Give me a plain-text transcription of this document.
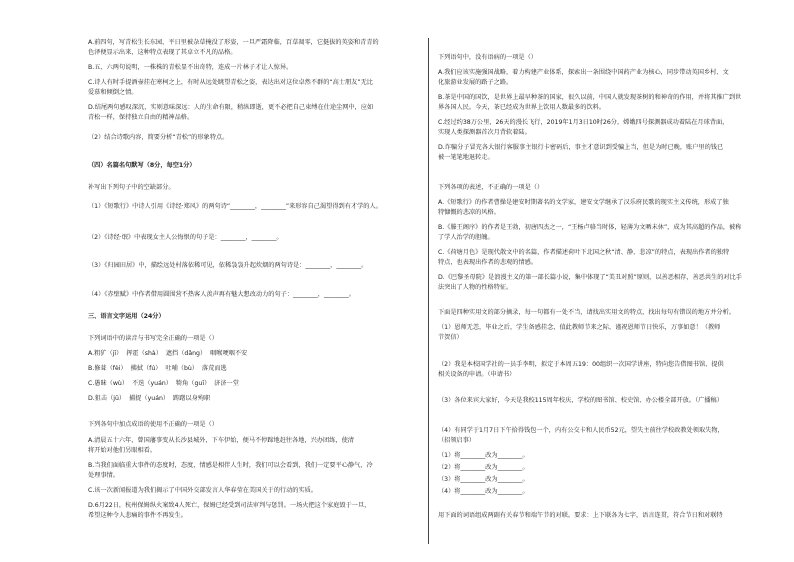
A.前四句，写青松生长东园，平日里被杂草掩没了形姿，一旦严霜降临，百草凋零，它挺拔的英姿和青青的
色泽便显示出来，这种特点表现了其卓立不凡的品格。
B.五、六两句说明，一株株的青松显不出奇特，连成一片林子才让人惊异。
C.诗人有时手提酒壶挂在寒柯之上，有时从远处眺望青松之姿，表达出对这位卓然不群的“高士朋友”无比
爱慕和倾倒之情。
D.结尾两句感叹深沉，实则意味深远：人的生命有限，稍纵即逝，更不必把自己束缚在仕途尘网中，应如
青松一样，保持独立自由的精神品格。
（2）结合诗歌内容，简要分析“青松”的形象特点。
（四）名篇名句默写（8分，每空1分）
补写出下列句子中的空缺部分。
（1）《短歌行》中诗人引用《诗经·郑风》的两句诗“________，________”来形容自己渴望得到有才学的人。
（2）《诗经·氓》中表现女主人公悔恨的句子是：________，________。
（3）《归园田居》中，描绘远处村落依稀可见，依稀袅袅升起炊烟的两句诗是：________，________。
（4）《赤壁赋》中作者借用圆围营不热客人羡声再有魅大想改动力的句子：________，________。
三、语言文字运用（24分）
下列词语中的读音与书写完全正确的一项是（）
A.粗犷（jī）  挥霍（shà）  遮挡（dǎng）  咽喉哽咽不安
B.修葺（fèi）  拂拭（fú）  吐哺（bù）  落荒而逃
C.愚昧（wù）  不迭（yuán）  犄角（guī）  济济一堂
D.狙击（jū）  捕捉（yuán）  踌躇以身殉职
下列各句中加点成语的使用不正确的一项是（）
A.清晨五十六年，曾国藩事变从长沙县城外，下车伊始，便马不停蹄地赶往各地，兴办团练，使清
将开始对他们另眼相看。
B.当我们面临重大事件的态度时，态度，情感是相伴人生时，我们可以会看到，我们一定要平心静气，冷
处理事情。
C.该一次新闻报道为我们揭示了中国外交部发言人华春莹在美国关于的行动的实质。
D.6月22日，杭州保姆纵火案致4人死亡，保姆已经受到司法审判与惩罚。一场火把这个家庭毁于一旦，
希望这种令人悲痛的事件不再发生。
下列语句中，没有语病的一项是（）
A.我们应该实施强国战略，着力构建产业体系，探索出一条围绕中国药产业为核心，同步带动英国乡村、文
化旅游业发展的路子之路。
B.茶是中国的国饮，是世界上最早种茶的国家，很久以前，中国人就发现茶树的和神奇的作用，并将其推广到世
界各国人民。今天，茶已经成为世界上饮用人数最多的饮料。
C.经过约38万公里，26天的漫长飞行，2019年1月3日10时26分，嫦娥四号探测器成功着陆在月球背面，
实现人类探测器首次月背软着陆。
D.诈骗分子冒充各大银行客服事主银行卡密码后，事主才意识到受骗上当，但是为时已晚，账户里的钱已
被一笔笔地退转走。
下列各项的表述，不正确的一项是（）
A.《短歌行》的作者曹操是建安时期著名的文学家，建安文学继承了汉乐府民歌的现实主义传统，形成了独
特慷慨的悲凉的风格。
B.《滕王阁序》的作者是王勃，初唐四杰之一，“王杨卢骆当时体，轻薄为文哂未休”，成为其高超的作品，被称
了学人治学的胆魄。
C.《荷塘月色》是现代散文中的名篇，作者描述荷叶下北国之秋“清、静、悲凉”的特点，表现出作者的独特
特点，也表现出作者的悲观的情感。
D.《巴黎圣母院》是浪漫主义的第一部长篇小说，集中体现了“美丑对照”原则，以善恶相存，善恶共生的对比手
法突出了人物的性格特征。
下面是四种实用文的部分摘录，每一句都有一处不当，请找出实用文的特点，找出每句有错误的地方并分析。
（1）恩师无恙，毕业之后，学生备感挂念，值此教师节来之际，谨祝恩师节日快乐，万事如意！（教师
节贺信）
（2）我是本校国学社的一员手李明，拟定于本周五19：00组织一次国学讲座，特向您告借图书馆、提供
相关设备的申请。（申请书）
（3）各位来宾大家好，今天是我校115周年校庆，学校的图书馆、校史馆、办公楼全部开放。（广播稿）
（4）有同学于1月7日下午拾得钱包一个，内有公交卡和人民币52元，望失主前往学校政教处领取失物，
（招领启事）
（1）将________改为________。
（2）将________改为________。
（3）将________改为________。
（4）将________改为________。
用下面的词语组成两副有关春节和端午节的对联。要求：上下联各为七字，语言连贯，符合节日和对联特
